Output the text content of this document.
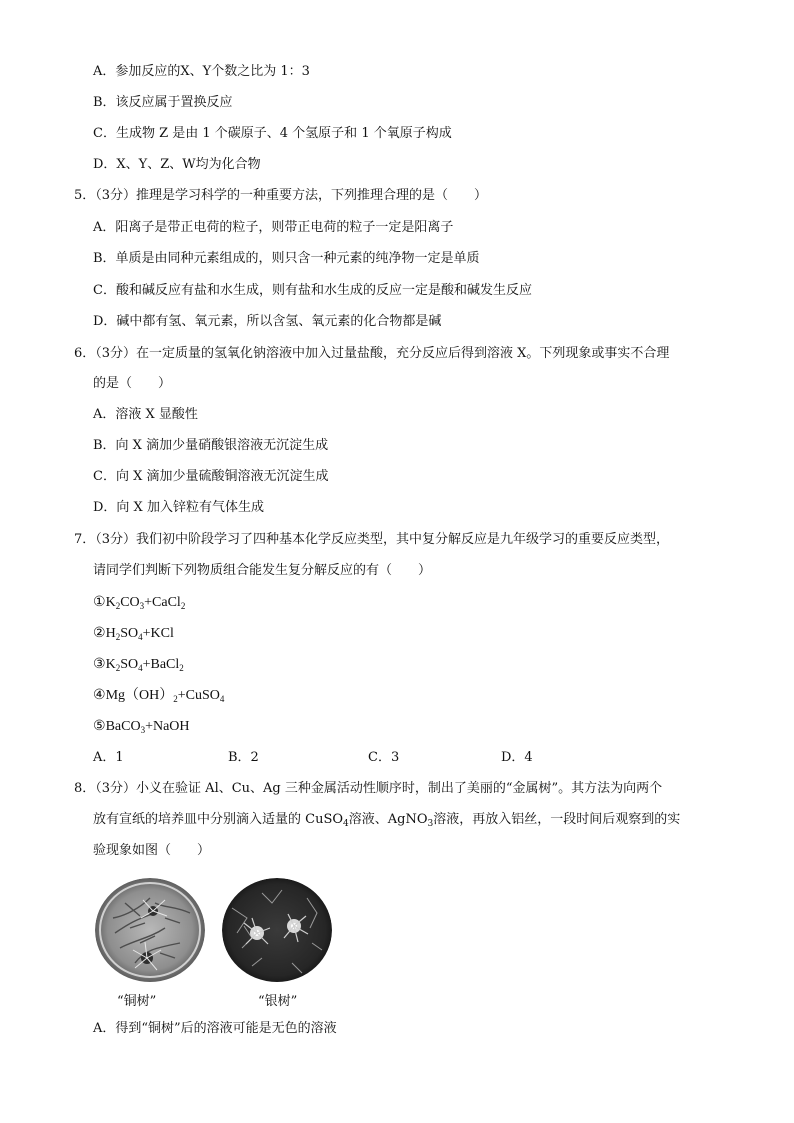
A．参加反应的X、Y个数之比为 1：3
B．该反应属于置换反应
C．生成物 Z 是由 1 个碳原子、4 个氢原子和 1 个氧原子构成
D．X、Y、Z、W均为化合物
5．（3分）推理是学习科学的一种重要方法，下列推理合理的是（　　）
A．阳离子是带正电荷的粒子，则带正电荷的粒子一定是阳离子
B．单质是由同种元素组成的，则只含一种元素的纯净物一定是单质
C．酸和碱反应有盐和水生成，则有盐和水生成的反应一定是酸和碱发生反应
D．碱中都有氢、氧元素，所以含氢、氧元素的化合物都是碱
6．（3分）在一定质量的氢氧化钠溶液中加入过量盐酸，充分反应后得到溶液 X。下列现象或事实不合理
的是（　　）
A．溶液 X 显酸性
B．向 X 滴加少量硝酸银溶液无沉淀生成
C．向 X 滴加少量硫酸铜溶液无沉淀生成
D．向 X 加入锌粒有气体生成
7．（3分）我们初中阶段学习了四种基本化学反应类型，其中复分解反应是九年级学习的重要反应类型，
请同学们判断下列物质组合能发生复分解反应的有（　　）
$①K_2CO_3+CaCl_2$
$②H_2SO_4+KCl$
$③K_2SO_4+BaCl_2$
$④Mg(OH)_2+CuSO_4$
⑤BaCO$_3$+NaOH
A．1	B．2	C．3	D．4
8．（3分）小义在验证 Al、Cu、Ag 三种金属活动性顺序时，制出了美丽的“金属树”。其方法为向两个
放有宣纸的培养皿中分别滴入适量的 CuSO$_4$溶液、AgNO$_3$溶液，再放入铝丝，一段时间后观察到的实
验现象如图（　　）
“铜树”	“银树”
A．得到“铜树”后的溶液可能是无色的溶液
